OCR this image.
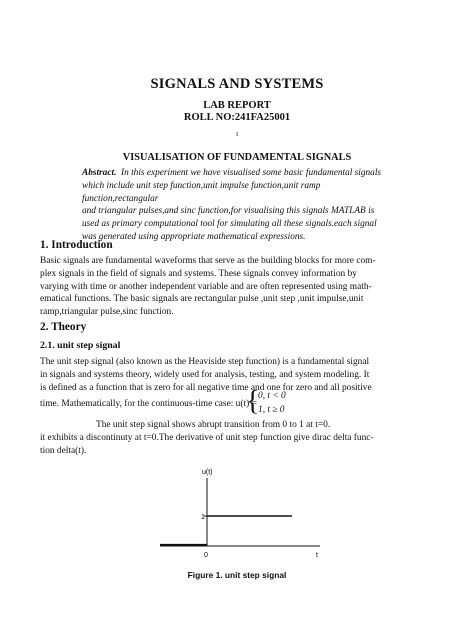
SIGNALS AND SYSTEMS
LAB REPORT
ROLL NO:241FA25001
1
VISUALISATION OF FUNDAMENTAL SIGNALS
Abstract. In this experiment we have visualised some basic fundamental signals
which include unit step function,unit impulse function,unit ramp function,rectangular
and triangular pulses,and sinc function,for visualising this signals MATLAB is
used as primary computational tool for simulating all these signals.each signal
was generated using appropriate mathematical expressions.
1. Introduction
Basic signals are fundamental waveforms that serve as the building blocks for more com-
plex signals in the field of signals and systems. These signals convey information by
varying with time or another independent variable and are often represented using math-
ematical functions. The basic signals are rectangular pulse ,unit step ,unit impulse,unit
ramp,triangular pulse,sinc function.
2. Theory
2.1. unit step signal
The unit step signal (also known as the Heaviside step function) is a fundamental signal
in signals and systems theory, widely used for analysis, testing, and system modeling. It
is defined as a function that is zero for all negative time and one for zero and all positive
time. Mathematically, for the continuous-time case: u(t) =
{
0, t < 0
1, t ≥ 0
The unit step signal shows abrupt transition from 0 to 1 at t=0.
it exhibits a discontinuty at t=0.The derivative of unit step function give dirac delta func-
tion delta(t).
u(t)
1
0	t
Figure 1. unit step signal
